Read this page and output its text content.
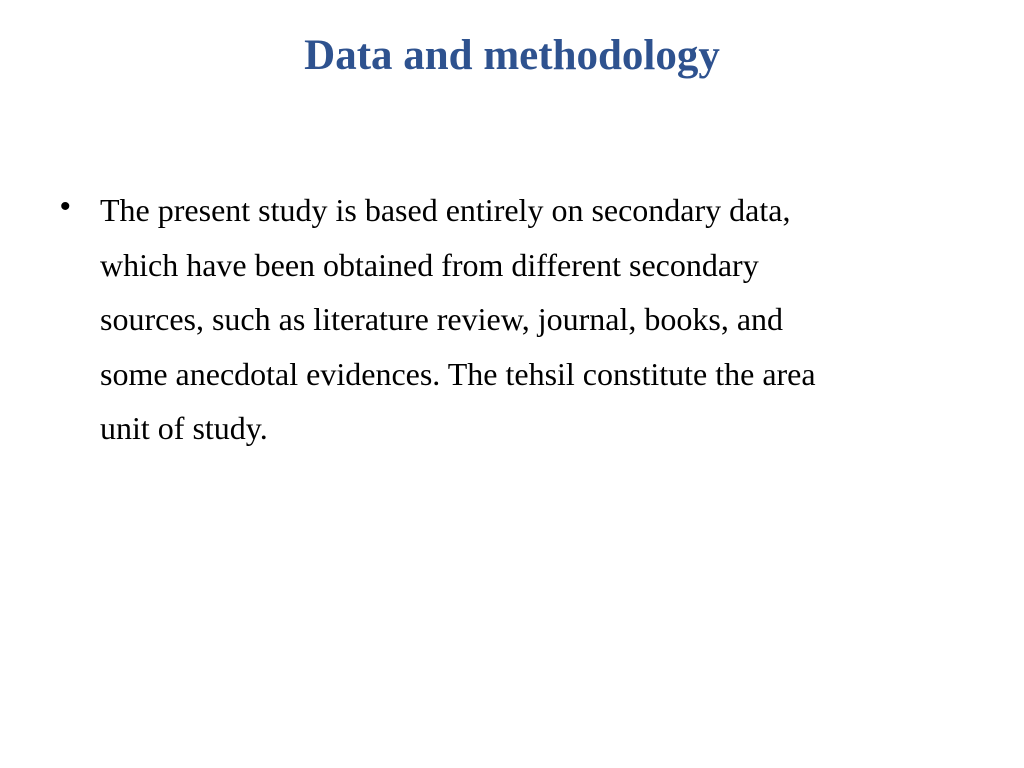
Data and methodology
• The present study is based entirely on secondary data,
which have been obtained from different secondary
sources, such as literature review, journal, books, and
some anecdotal evidences. The tehsil constitute the area
unit of study.
